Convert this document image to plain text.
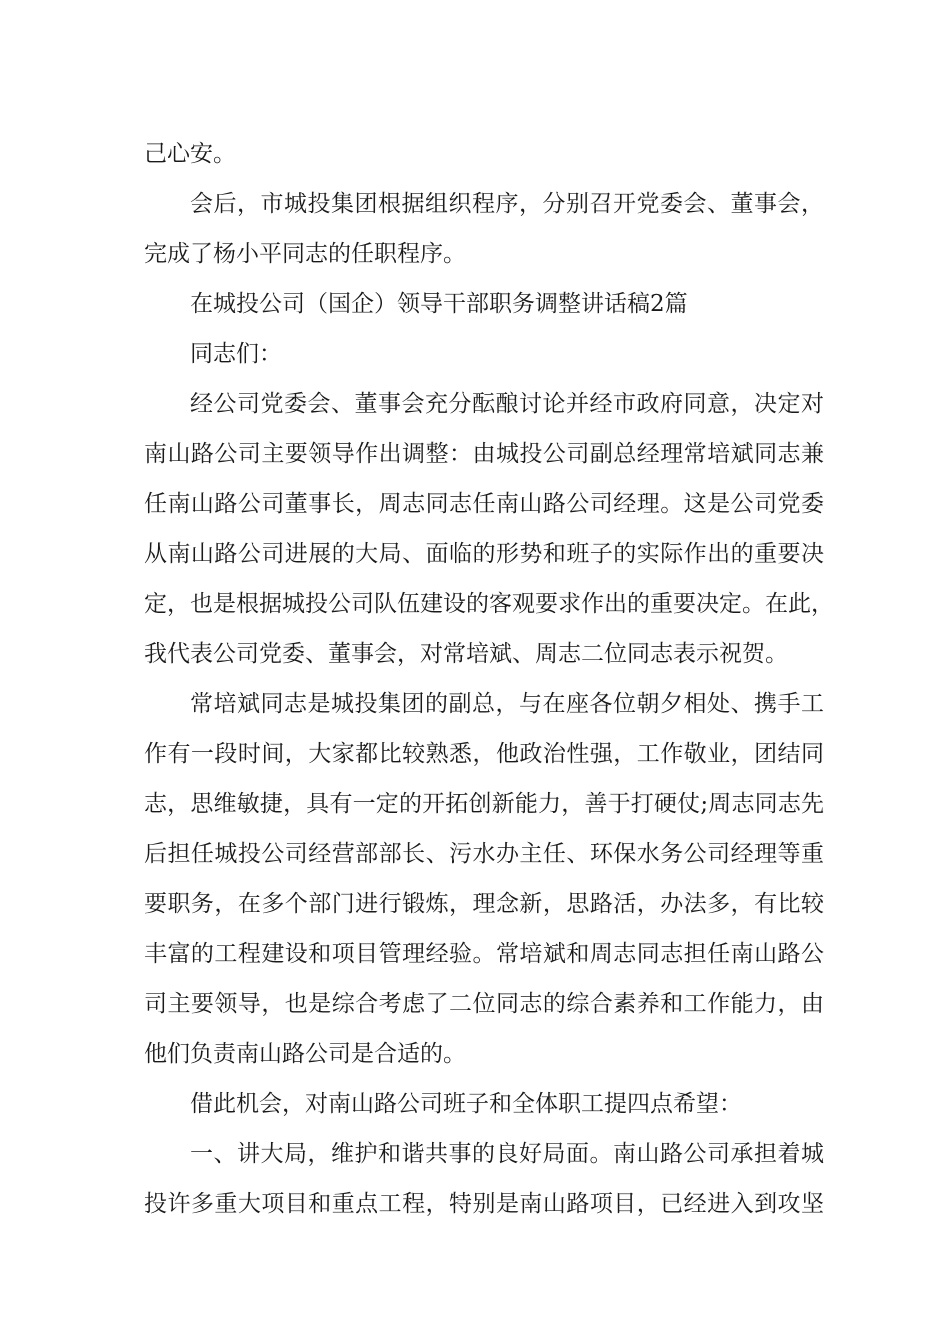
己心安。
会后，市城投集团根据组织程序，分别召开党委会、董事会，
完成了杨小平同志的任职程序。
在城投公司（国企）领导干部职务调整讲话稿2篇
同志们：
经公司党委会、董事会充分酝酿讨论并经市政府同意，决定对
南山路公司主要领导作出调整：由城投公司副总经理常培斌同志兼
任南山路公司董事长，周志同志任南山路公司经理。这是公司党委
从南山路公司进展的大局、面临的形势和班子的实际作出的重要决
定，也是根据城投公司队伍建设的客观要求作出的重要决定。在此，
我代表公司党委、董事会，对常培斌、周志二位同志表示祝贺。
常培斌同志是城投集团的副总，与在座各位朝夕相处、携手工
作有一段时间，大家都比较熟悉，他政治性强，工作敬业，团结同
志，思维敏捷，具有一定的开拓创新能力，善于打硬仗;周志同志先
后担任城投公司经营部部长、污水办主任、环保水务公司经理等重
要职务，在多个部门进行锻炼，理念新，思路活，办法多，有比较
丰富的工程建设和项目管理经验。常培斌和周志同志担任南山路公
司主要领导，也是综合考虑了二位同志的综合素养和工作能力，由
他们负责南山路公司是合适的。
借此机会，对南山路公司班子和全体职工提四点希望：
一、讲大局，维护和谐共事的良好局面。南山路公司承担着城
投许多重大项目和重点工程，特别是南山路项目，已经进入到攻坚
